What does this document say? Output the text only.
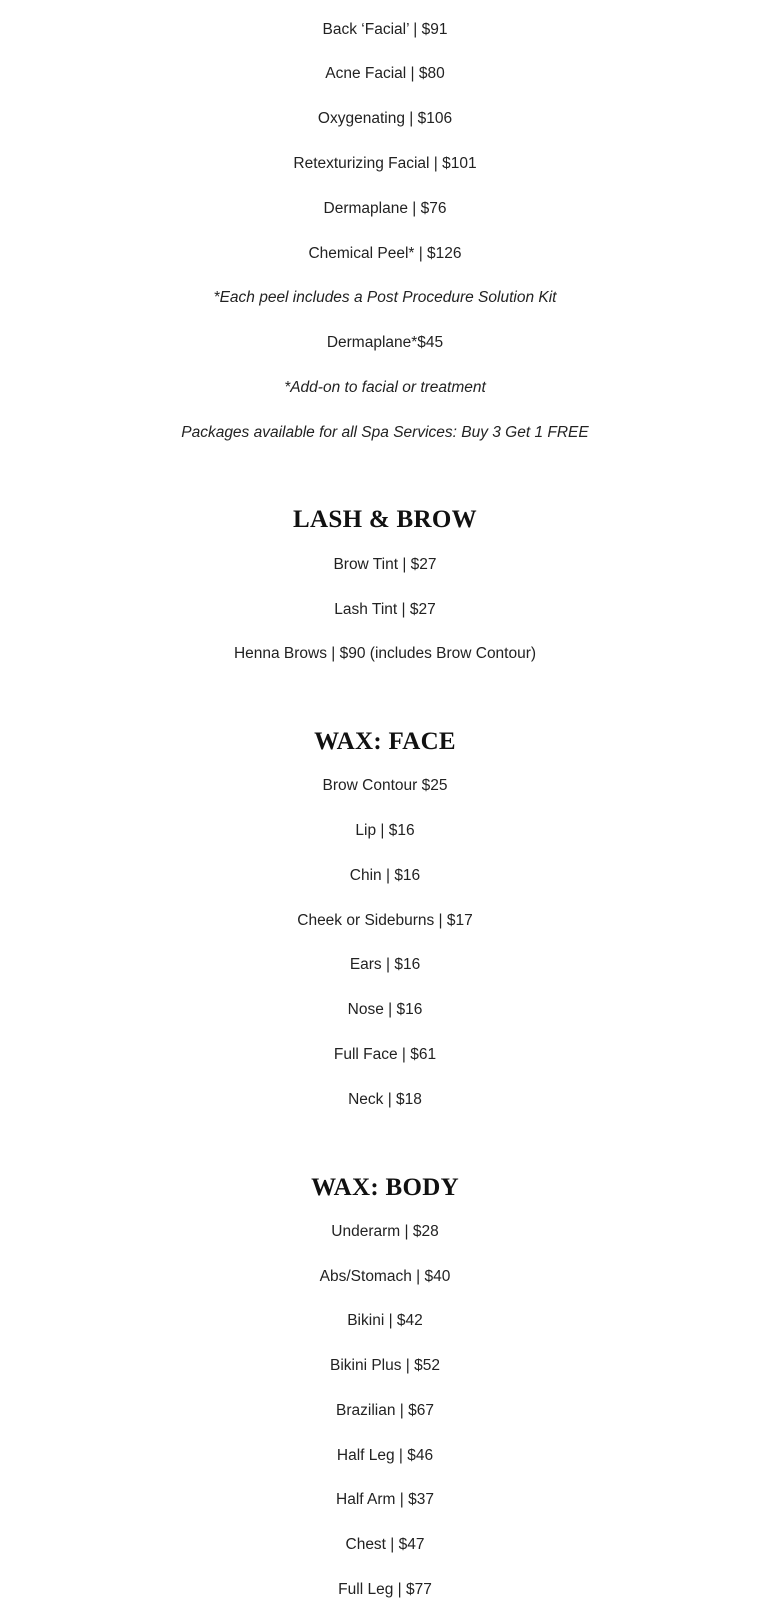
Back ‘Facial’ | $91
Acne Facial | $80
Oxygenating | $106
Retexturizing Facial | $101
Dermaplane | $76
Chemical Peel* | $126
*Each peel includes a Post Procedure Solution Kit
Dermaplane*$45
*Add-on to facial or treatment
Packages available for all Spa Services: Buy 3 Get 1 FREE
LASH & BROW
Brow Tint | $27
Lash Tint | $27
Henna Brows | $90 (includes Brow Contour)
WAX: FACE
Brow Contour $25
Lip | $16
Chin | $16
Cheek or Sideburns | $17
Ears | $16
Nose | $16
Full Face | $61
Neck | $18
WAX: BODY
Underarm | $28
Abs/Stomach | $40
Bikini | $42
Bikini Plus | $52
Brazilian | $67
Half Leg | $46
Half Arm | $37
Chest | $47
Full Leg | $77
